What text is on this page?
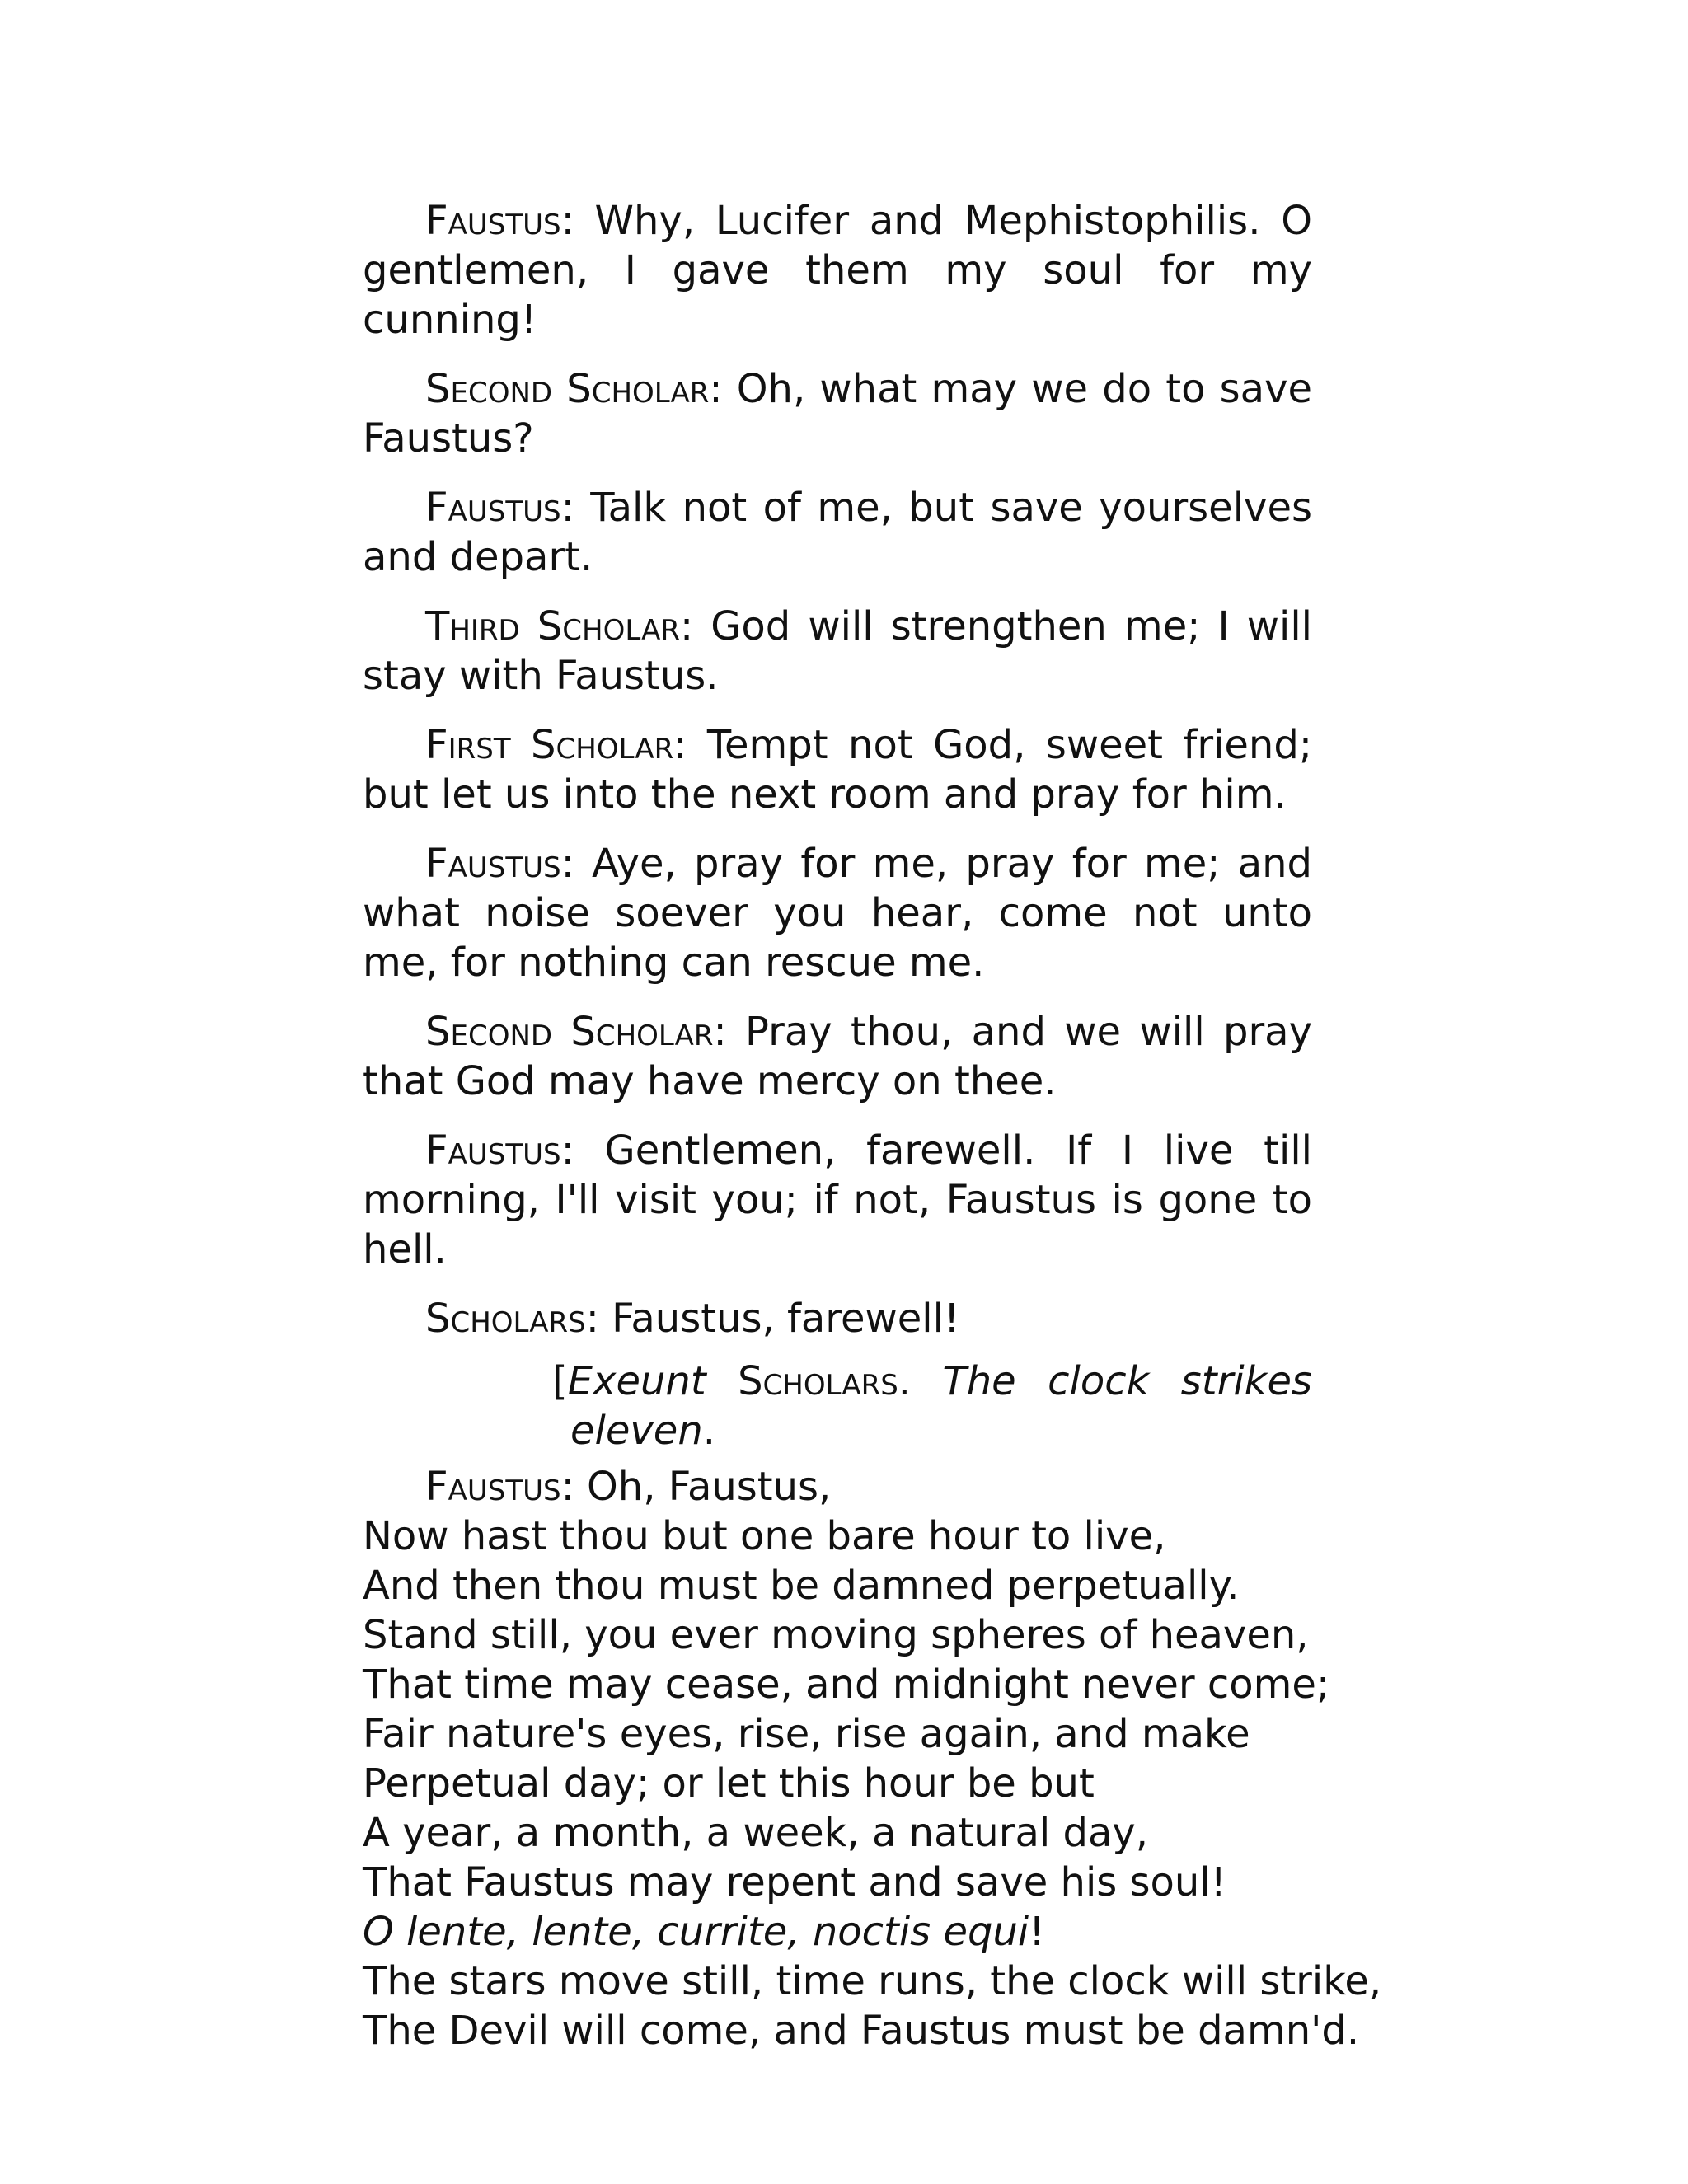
Faustus: Why, Lucifer and Mephistophilis. O gentlemen, I gave them my soul for my cunning!

Second Scholar: Oh, what may we do to save Faustus?

Faustus: Talk not of me, but save yourselves and depart.

Third Scholar: God will strengthen me; I will stay with Faustus.

First Scholar: Tempt not God, sweet friend; but let us into the next room and pray for him.

Faustus: Aye, pray for me, pray for me; and what noise soever you hear, come not unto me, for nothing can rescue me.

Second Scholar: Pray thou, and we will pray that God may have mercy on thee.

Faustus: Gentlemen, farewell. If I live till morning, I'll visit you; if not, Faustus is gone to hell.

Scholars: Faustus, farewell!

[Exeunt Scholars. The clock strikes eleven.

Faustus: Oh, Faustus,

Now hast thou but one bare hour to live,

And then thou must be damned perpetually.

Stand still, you ever moving spheres of heaven,

That time may cease, and midnight never come;

Fair nature's eyes, rise, rise again, and make

Perpetual day; or let this hour be but

A year, a month, a week, a natural day,

That Faustus may repent and save his soul!

O lente, lente, currite, noctis equi!

The stars move still, time runs, the clock will strike,

The Devil will come, and Faustus must be damn'd.
